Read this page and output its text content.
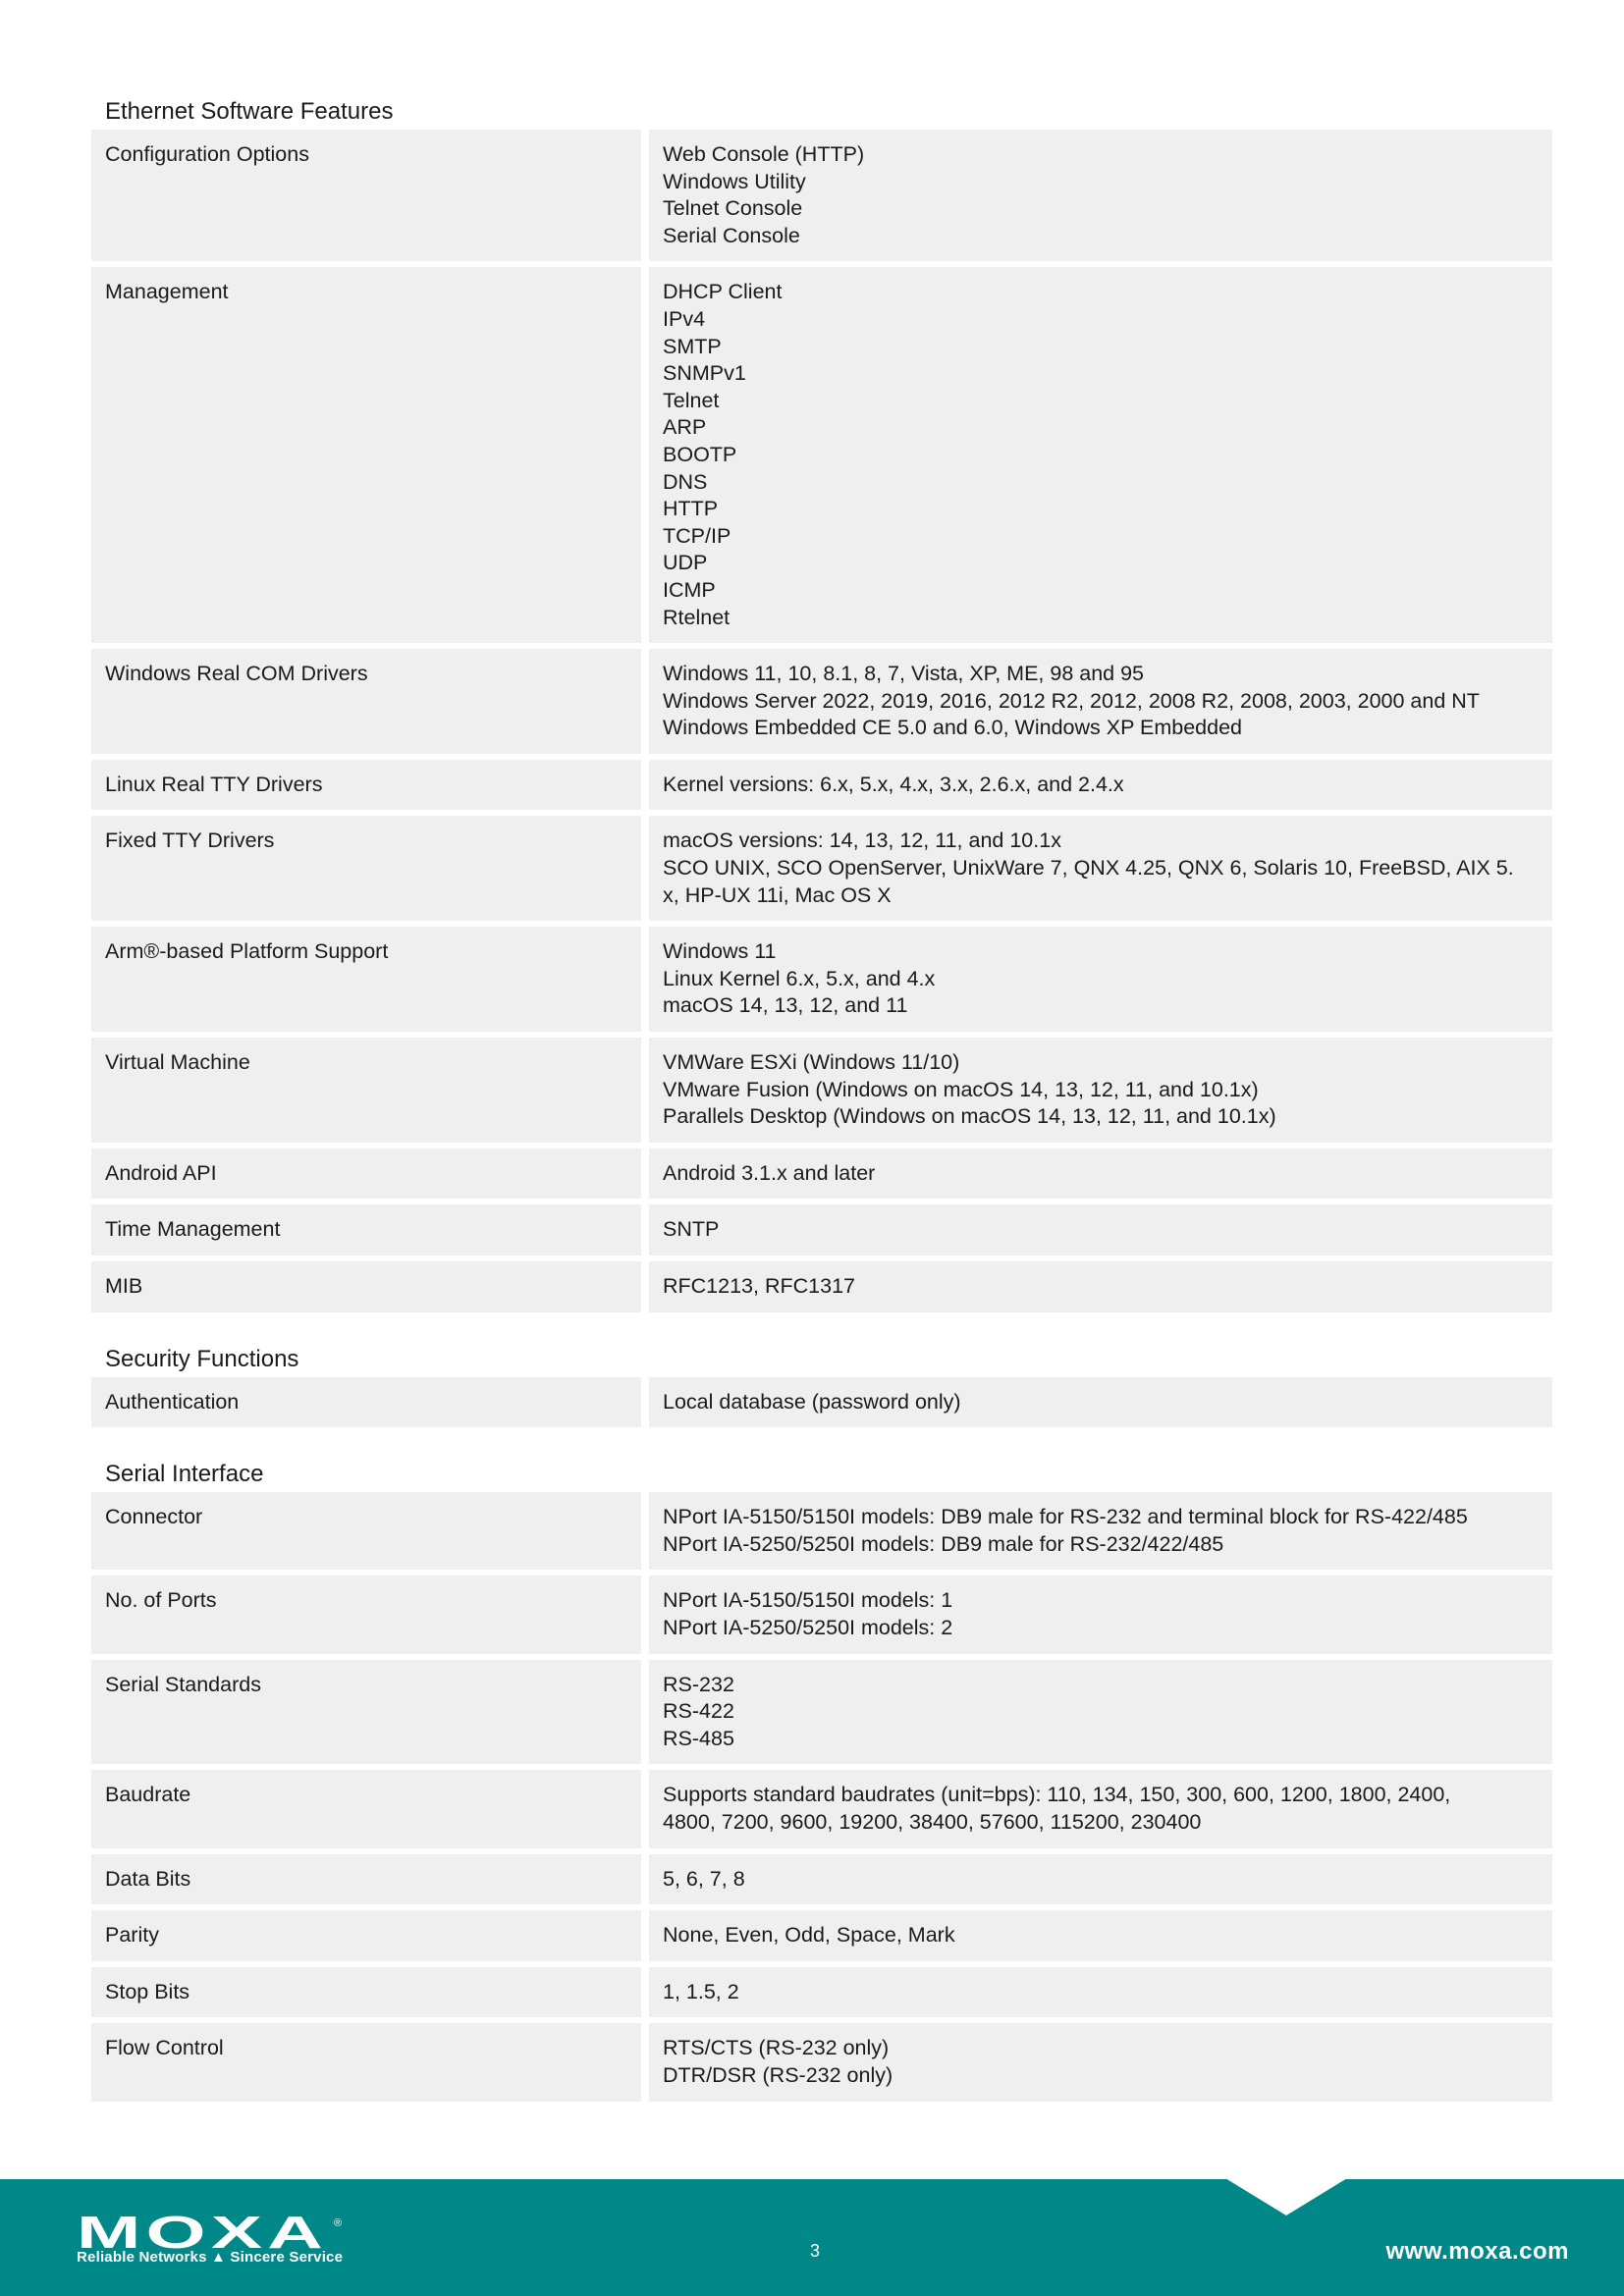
Ethernet Software Features
Configuration Options	Web Console (HTTP)
Windows Utility
Telnet Console
Serial Console
Management	DHCP Client
IPv4
SMTP
SNMPv1
Telnet
ARP
BOOTP
DNS
HTTP
TCP/IP
UDP
ICMP
Rtelnet
Windows Real COM Drivers	Windows 11, 10, 8.1, 8, 7, Vista, XP, ME, 98 and 95
Windows Server 2022, 2019, 2016, 2012 R2, 2012, 2008 R2, 2008, 2003, 2000 and NT
Windows Embedded CE 5.0 and 6.0, Windows XP Embedded
Linux Real TTY Drivers	Kernel versions: 6.x, 5.x, 4.x, 3.x, 2.6.x, and 2.4.x
Fixed TTY Drivers	macOS versions: 14, 13, 12, 11, and 10.1x
SCO UNIX, SCO OpenServer, UnixWare 7, QNX 4.25, QNX 6, Solaris 10, FreeBSD, AIX 5.
x, HP-UX 11i, Mac OS X
Arm®-based Platform Support	Windows 11
Linux Kernel 6.x, 5.x, and 4.x
macOS 14, 13, 12, and 11
Virtual Machine	VMWare ESXi (Windows 11/10)
VMware Fusion (Windows on macOS 14, 13, 12, 11, and 10.1x)
Parallels Desktop (Windows on macOS 14, 13, 12, 11, and 10.1x)
Android API	Android 3.1.x and later
Time Management	SNTP
MIB	RFC1213, RFC1317
Security Functions
Authentication	Local database (password only)
Serial Interface
Connector	NPort IA-5150/5150I models: DB9 male for RS-232 and terminal block for RS-422/485
NPort IA-5250/5250I models: DB9 male for RS-232/422/485
No. of Ports	NPort IA-5150/5150I models: 1
NPort IA-5250/5250I models: 2
Serial Standards	RS-232
RS-422
RS-485
Baudrate	Supports standard baudrates (unit=bps): 110, 134, 150, 300, 600, 1200, 1800, 2400,
4800, 7200, 9600, 19200, 38400, 57600, 115200, 230400
Data Bits	5, 6, 7, 8
Parity	None, Even, Odd, Space, Mark
Stop Bits	1, 1.5, 2
Flow Control	RTS/CTS (RS-232 only)
DTR/DSR (RS-232 only)
MOXA ®
Reliable Networks ▲ Sincere Service	3	www.moxa.com
